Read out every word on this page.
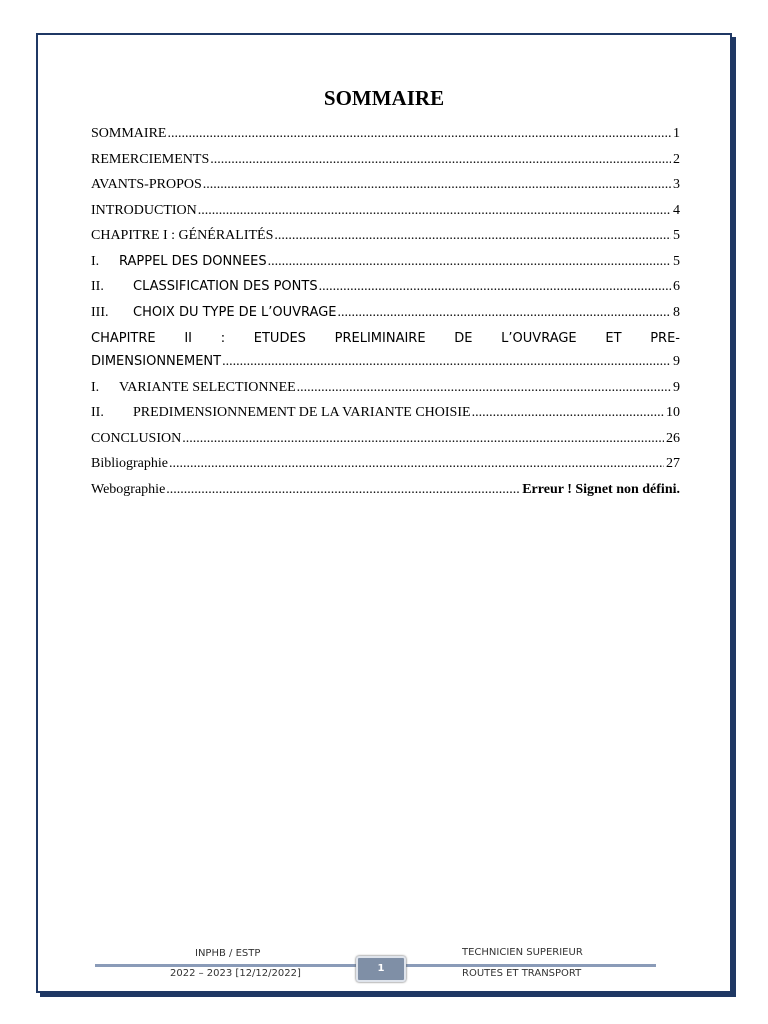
SOMMAIRE
SOMMAIRE .....	1
REMERCIEMENTS .....	2
AVANTS-PROPOS .....	3
INTRODUCTION .....	4
CHAPITRE I : GÉNÉRALITÉS .....	5
I.	RAPPEL DES DONNEES .....	5
II.	CLASSIFICATION DES PONTS .....	6
III.	CHOIX DU TYPE DE L’OUVRAGE .....	8
CHAPITRE II : ETUDES PRELIMINAIRE DE L’OUVRAGE ET PRE-
DIMENSIONNEMENT .....	9
I.	VARIANTE SELECTIONNEE .....	9
II.	PREDIMENSIONNEMENT DE LA VARIANTE CHOISIE .....	10
CONCLUSION .....	26
Bibliographie .....	27
Webographie .....	Erreur ! Signet non défini.
INPHB / ESTP	TECHNICIEN SUPERIEUR
1
2022 – 2023 [12/12/2022]	ROUTES ET TRANSPORT
